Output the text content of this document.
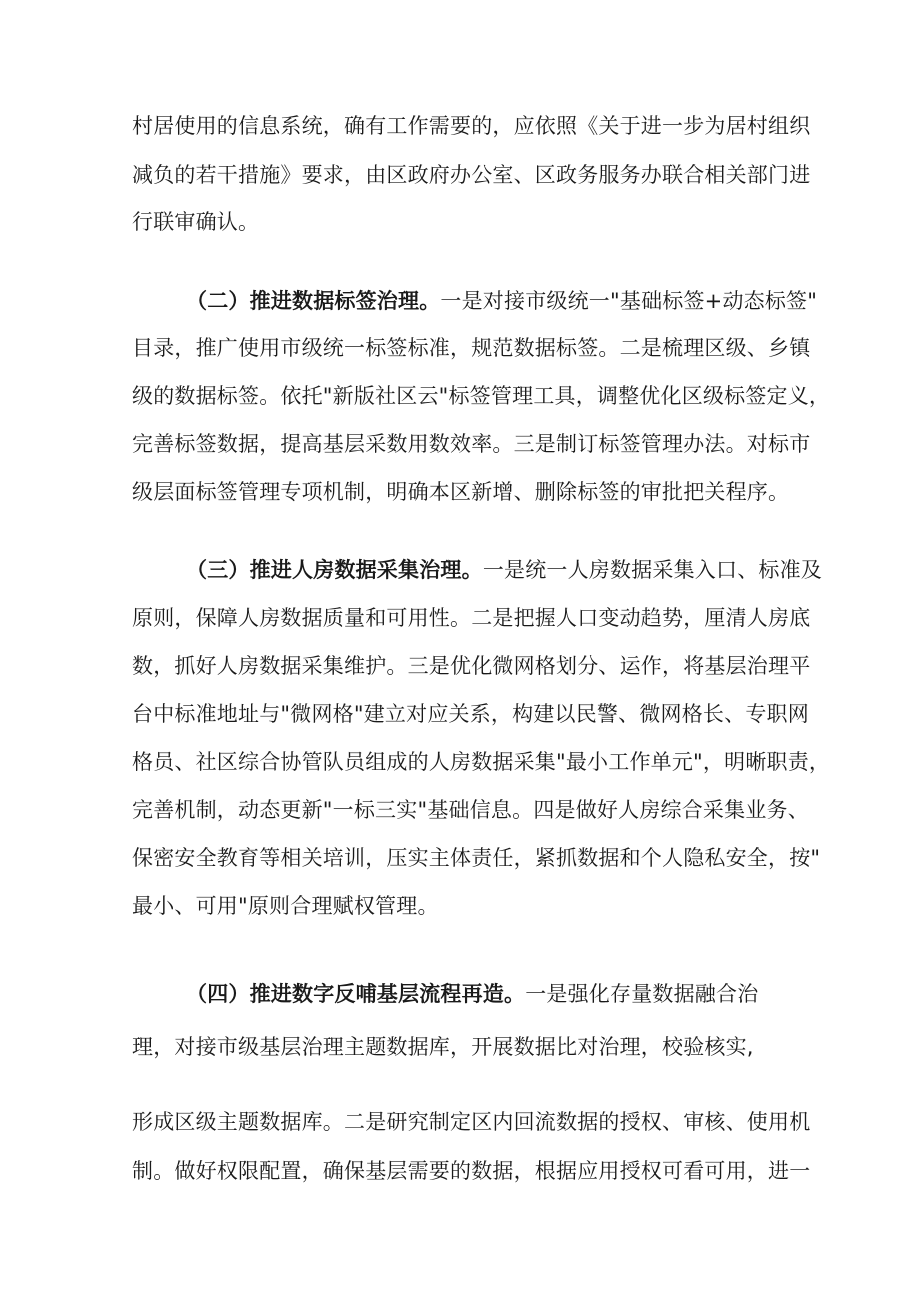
村居使用的信息系统，确有工作需要的，应依照《关于进一步为居村组织
减负的若干措施》要求，由区政府办公室、区政务服务办联合相关部门进
行联审确认。
（二）推进数据标签治理。一是对接市级统一"基础标签+动态标签"
目录，推广使用市级统一标签标准，规范数据标签。二是梳理区级、乡镇
级的数据标签。依托"新版社区云"标签管理工具，调整优化区级标签定义，
完善标签数据，提高基层采数用数效率。三是制订标签管理办法。对标市
级层面标签管理专项机制，明确本区新增、删除标签的审批把关程序。
（三）推进人房数据采集治理。一是统一人房数据采集入口、标准及
原则，保障人房数据质量和可用性。二是把握人口变动趋势，厘清人房底
数，抓好人房数据采集维护。三是优化微网格划分、运作，将基层治理平
台中标准地址与"微网格"建立对应关系，构建以民警、微网格长、专职网
格员、社区综合协管队员组成的人房数据采集"最小工作单元"，明晰职责，
完善机制，动态更新"一标三实"基础信息。四是做好人房综合采集业务、
保密安全教育等相关培训，压实主体责任，紧抓数据和个人隐私安全，按"
最小、可用"原则合理赋权管理。
（四）推进数字反哺基层流程再造。一是强化存量数据融合治
理，对接市级基层治理主题数据库，开展数据比对治理，校验核实,
形成区级主题数据库。二是研究制定区内回流数据的授权、审核、使用机
制。做好权限配置，确保基层需要的数据，根据应用授权可看可用，进一
